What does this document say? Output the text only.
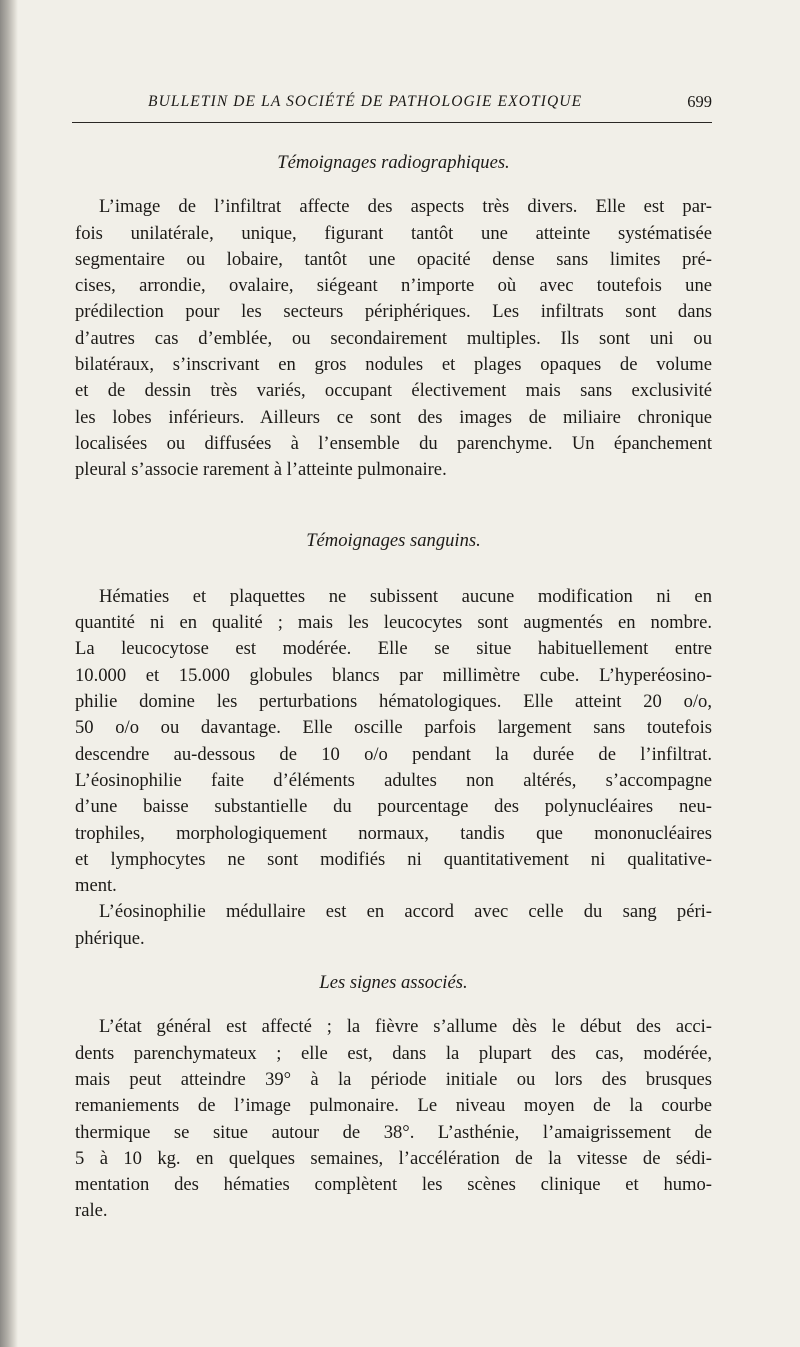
BULLETIN DE LA SOCIÉTÉ DE PATHOLOGIE EXOTIQUE	699
Témoignages radiographiques.
L’image de l’infiltrat affecte des aspects très divers. Elle est par-
fois unilatérale, unique, figurant tantôt une atteinte systématisée
segmentaire ou lobaire, tantôt une opacité dense sans limites pré-
cises, arrondie, ovalaire, siégeant n’importe où avec toutefois une
prédilection pour les secteurs périphériques. Les infiltrats sont dans
d’autres cas d’emblée, ou secondairement multiples. Ils sont uni ou
bilatéraux, s’inscrivant en gros nodules et plages opaques de volume
et de dessin très variés, occupant électivement mais sans exclusivité
les lobes inférieurs. Ailleurs ce sont des images de miliaire chronique
localisées ou diffusées à l’ensemble du parenchyme. Un épanchement
pleural s’associe rarement à l’atteinte pulmonaire.
Témoignages sanguins.
Hématies et plaquettes ne subissent aucune modification ni en
quantité ni en qualité ; mais les leucocytes sont augmentés en nombre.
La leucocytose est modérée. Elle se situe habituellement entre
10.000 et 15.000 globules blancs par millimètre cube. L’hyperéosino-
philie domine les perturbations hématologiques. Elle atteint 20 o/o,
50 o/o ou davantage. Elle oscille parfois largement sans toutefois
descendre au-dessous de 10 o/o pendant la durée de l’infiltrat.
L’éosinophilie faite d’éléments adultes non altérés, s’accompagne
d’une baisse substantielle du pourcentage des polynucléaires neu-
trophiles, morphologiquement normaux, tandis que mononucléaires
et lymphocytes ne sont modifiés ni quantitativement ni qualitative-
ment.
L’éosinophilie médullaire est en accord avec celle du sang péri-
phérique.
Les signes associés.
L’état général est affecté ; la fièvre s’allume dès le début des acci-
dents parenchymateux ; elle est, dans la plupart des cas, modérée,
mais peut atteindre 39° à la période initiale ou lors des brusques
remaniements de l’image pulmonaire. Le niveau moyen de la courbe
thermique se situe autour de 38°. L’asthénie, l’amaigrissement de
5 à 10 kg. en quelques semaines, l’accélération de la vitesse de sédi-
mentation des hématies complètent les scènes clinique et humo-
rale.
